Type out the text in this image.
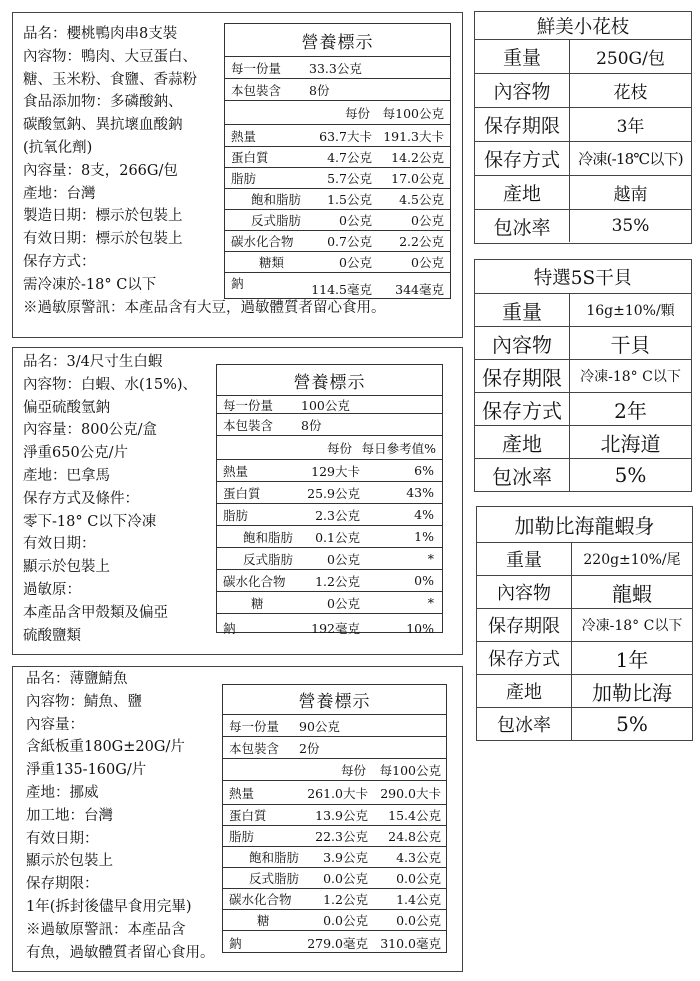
品名：櫻桃鴨肉串8支裝
內容物：鴨肉、大豆蛋白、
糖、玉米粉、食鹽、香蒜粉
食品添加物：多磷酸鈉、
碳酸氫鈉、異抗壞血酸鈉
(抗氧化劑)
內容量：8支，266G/包
產地：台灣
製造日期：標示於包裝上
有效日期：標示於包裝上
保存方式：
需冷凍於-18° C以下
※過敏原警訊：本產品含有大豆，過敏體質者留心食用。
營養標示
每一份量 33.3公克
本包裝含 8份
每份 每100公克
熱量	63.7大卡 191.3大卡
蛋白質	4.7公克 14.2公克
脂肪	5.7公克 17.0公克
飽和脂肪 1.5公克 4.5公克
反式脂肪	0公克	0公克
碳水化合物	0.7公克 2.2公克
糖類	0公克	0公克
鈉	114.5毫克 344毫克
品名：3/4尺寸生白蝦
內容物：白蝦、水(15%)、
偏亞硫酸氫鈉
內容量：800公克/盒
淨重650公克/片
產地：巴拿馬
保存方式及條件：
零下-18° C以下冷凍
有效日期：
顯示於包裝上
過敏原：
本產品含甲殼類及偏亞
硫酸鹽類
營養標示
每一份量 100公克
本包裝含 8份
每份 每日參考值%
熱量	129大卡	6%
蛋白質	25.9公克	43%
脂肪	2.3公克	4%
飽和脂肪 0.1公克	1%
反式脂肪	0公克	*
碳水化合物 1.2公克	0%
糖	0公克	*
鈉	192毫克	10%
品名：薄鹽鯖魚
內容物：鯖魚、鹽
內容量：
含紙板重180G±20G/片
淨重135-160G/片
產地：挪威
加工地：台灣
有效日期：
顯示於包裝上
保存期限：
1年(拆封後儘早食用完畢)
※過敏原警訊：本產品含
有魚，過敏體質者留心食用。
營養標示
每一份量 90公克
本包裝含 2份
每份 每100公克
熱量	261.0大卡 290.0大卡
蛋白質	13.9公克 15.4公克
脂肪	22.3公克 24.8公克
飽和脂肪 3.9公克 4.3公克
反式脂肪 0.0公克 0.0公克
碳水化合物	1.2公克 1.4公克
糖	0.0公克 0.0公克
鈉	279.0毫克 310.0毫克
鮮美小花枝
重量	250G/包
內容物	花枝
保存期限	3年
保存方式	冷凍(-18℃以下)
產地	越南
包冰率	35%
特選5S干貝
重量	16g±10%/顆
內容物	干貝
保存期限	冷凍-18° C以下
保存方式	2年
產地	北海道
包冰率	5%
加勒比海龍蝦身
重量	220g±10%/尾
內容物	龍蝦
保存期限	冷凍-18° C以下
保存方式	1年
產地	加勒比海
包冰率	5%
